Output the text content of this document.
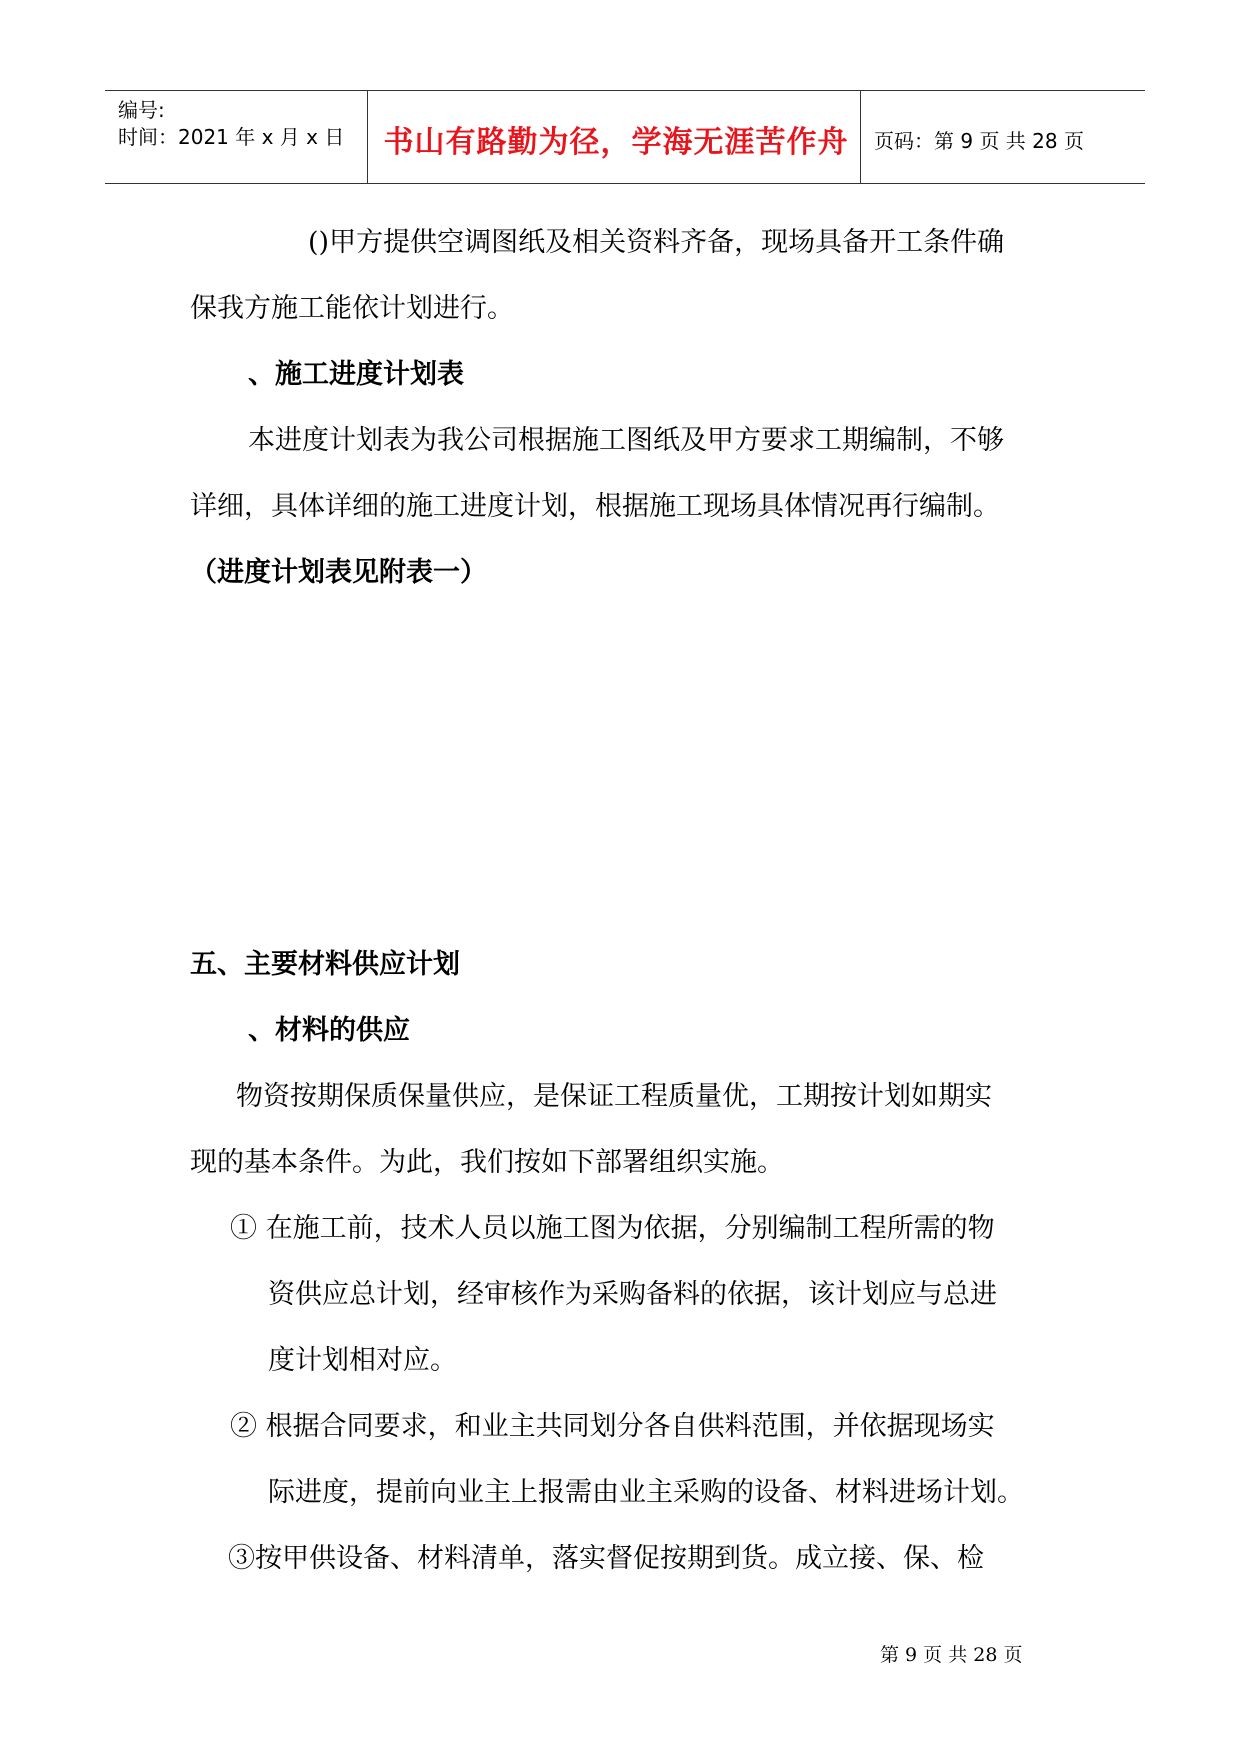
编号:
时间：2021 年 x 月 x 日	书山有路勤为径，学海无涯苦作舟	页码：第 9 页 共 28 页
()甲方提供空调图纸及相关资料齐备，现场具备开工条件确
保我方施工能依计划进行。
、施工进度计划表
本进度计划表为我公司根据施工图纸及甲方要求工期编制，不够
详细，具体详细的施工进度计划，根据施工现场具体情况再行编制。
（进度计划表见附表一）
五、主要材料供应计划
、材料的供应
物资按期保质保量供应，是保证工程质量优，工期按计划如期实
现的基本条件。为此，我们按如下部署组织实施。
① 在施工前，技术人员以施工图为依据，分别编制工程所需的物
资供应总计划，经审核作为采购备料的依据，该计划应与总进
度计划相对应。
② 根据合同要求，和业主共同划分各自供料范围，并依据现场实
际进度，提前向业主上报需由业主采购的设备、材料进场计划。
③按甲供设备、材料清单，落实督促按期到货。成立接、保、检
第 9 页 共 28 页
